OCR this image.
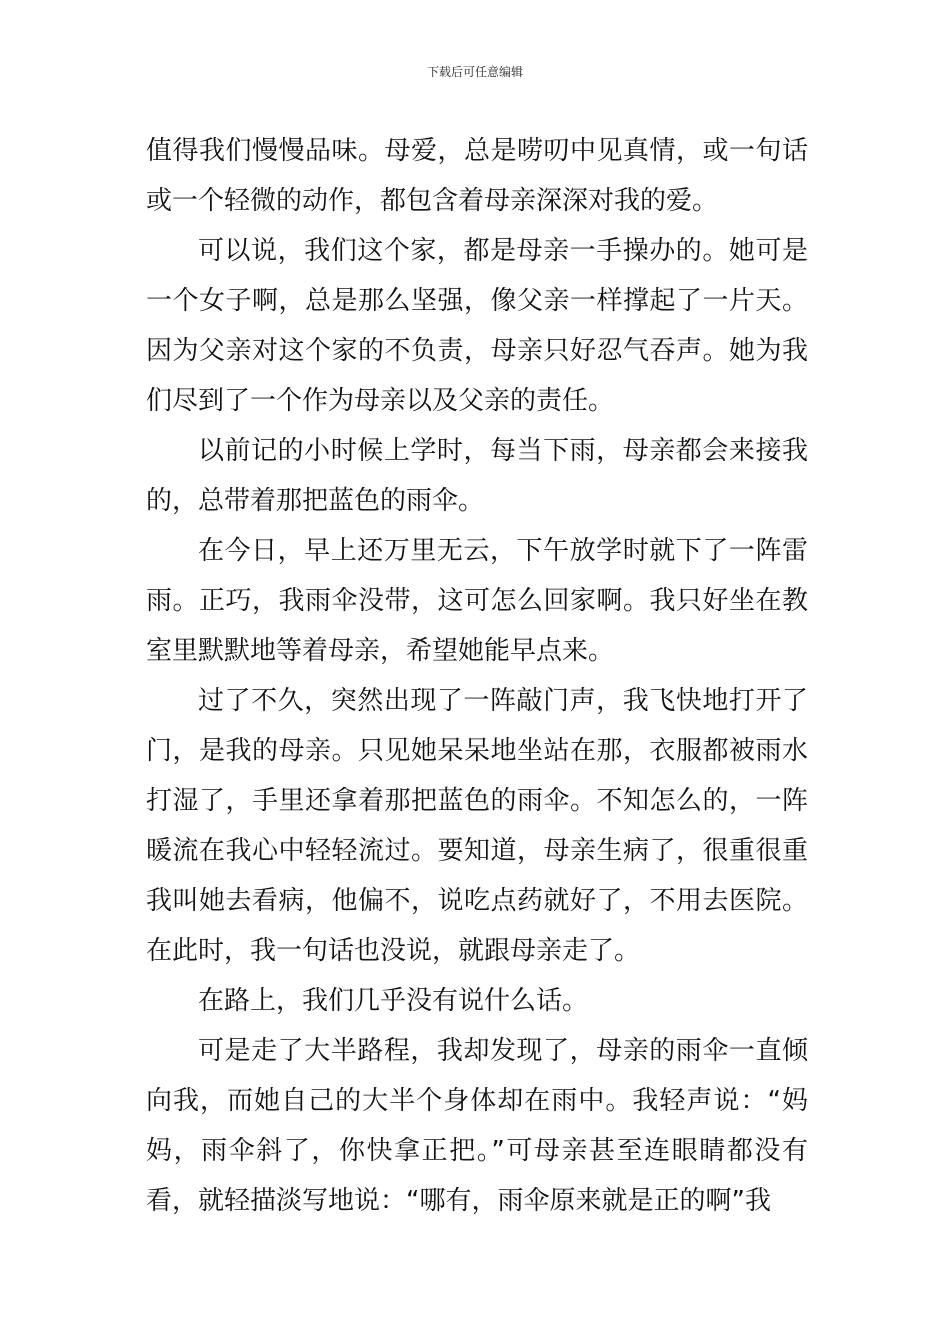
下载后可任意编辑

值得我们慢慢品味。母爱，总是唠叨中见真情，或一句话或一个轻微的动作，都包含着母亲深深对我的爱。

可以说，我们这个家，都是母亲一手操办的。她可是一个女子啊，总是那么坚强，像父亲一样撑起了一片天。因为父亲对这个家的不负责，母亲只好忍气吞声。她为我们尽到了一个作为母亲以及父亲的责任。

以前记的小时候上学时，每当下雨，母亲都会来接我的，总带着那把蓝色的雨伞。

在今日，早上还万里无云，下午放学时就下了一阵雷雨。正巧，我雨伞没带，这可怎么回家啊。我只好坐在教室里默默地等着母亲，希望她能早点来。

过了不久，突然出现了一阵敲门声，我飞快地打开了门，是我的母亲。只见她呆呆地坐站在那，衣服都被雨水打湿了，手里还拿着那把蓝色的雨伞。不知怎么的，一阵暖流在我心中轻轻流过。要知道，母亲生病了，很重很重我叫她去看病，他偏不，说吃点药就好了，不用去医院。在此时，我一句话也没说，就跟母亲走了。

在路上，我们几乎没有说什么话。

可是走了大半路程，我却发现了，母亲的雨伞一直倾向我，而她自己的大半个身体却在雨中。我轻声说：“妈妈，雨伞斜了，你快拿正把。”可母亲甚至连眼睛都没有看，就轻描淡写地说：“哪有，雨伞原来就是正的啊”我
